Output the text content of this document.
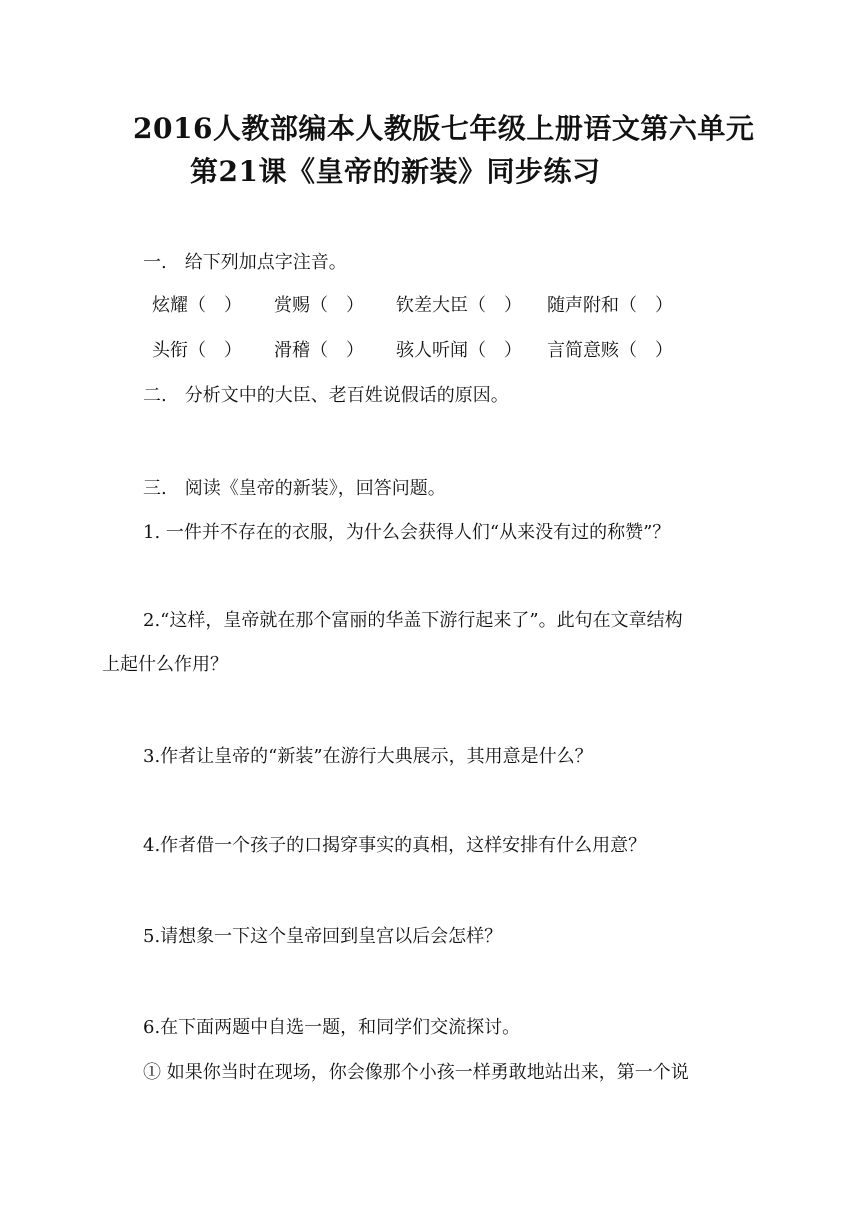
2016人教部编本人教版七年级上册语文第六单元
第21课《皇帝的新装》同步练习
一.　给下列加点字注音。
炫耀（　） 赏赐（　） 钦差大臣（　） 随声附和（　）
头衔（　） 滑稽（　） 骇人听闻（　） 言简意赅（　）
二.　分析文中的大臣、老百姓说假话的原因。
三.　阅读《皇帝的新装》，回答问题。
1. 一件并不存在的衣服，为什么会获得人们“从来没有过的称赞”？
2.“这样，皇帝就在那个富丽的华盖下游行起来了”。此句在文章结构
上起什么作用？
3.作者让皇帝的“新装”在游行大典展示，其用意是什么？
4.作者借一个孩子的口揭穿事实的真相，这样安排有什么用意？
5.请想象一下这个皇帝回到皇宫以后会怎样？
6.在下面两题中自选一题，和同学们交流探讨。
① 如果你当时在现场，你会像那个小孩一样勇敢地站出来，第一个说
